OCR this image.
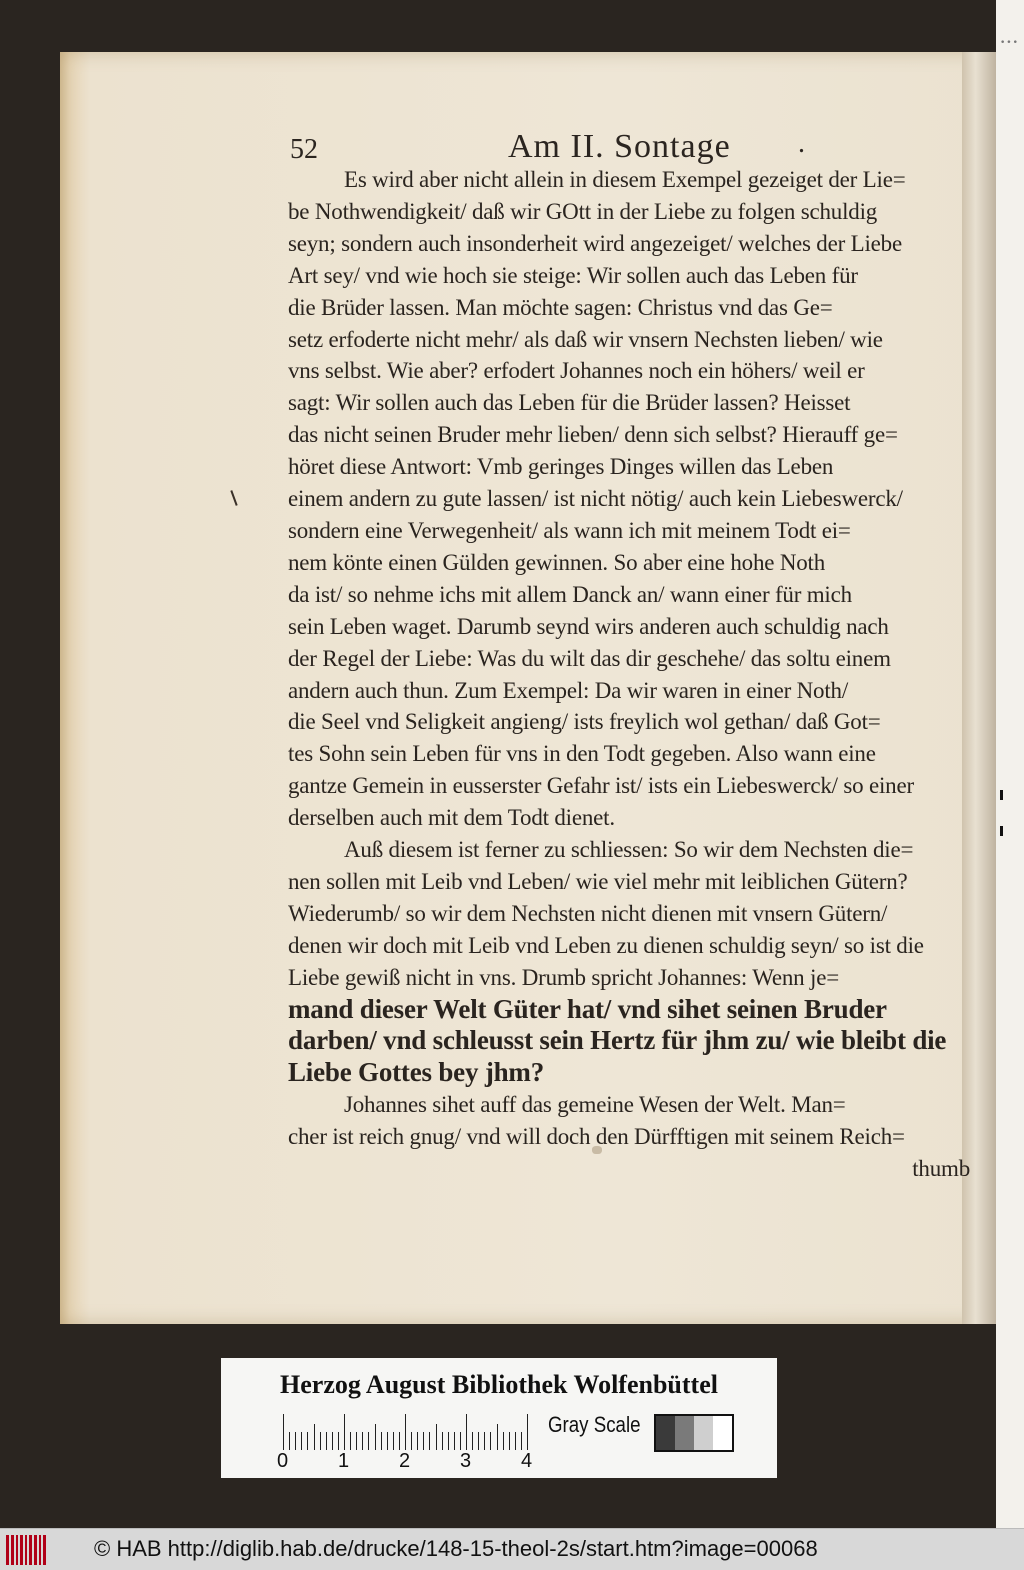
•••
52	Am II. Sontage .
Es wird aber nicht allein in diesem Exempel gezeiget der Lie=
be Nothwendigkeit/ daß wir GOtt in der Liebe zu folgen schuldig
seyn; sondern auch insonderheit wird angezeiget/ welches der Liebe
Art sey/ vnd wie hoch sie steige: Wir sollen auch das Leben für
die Brüder lassen. Man möchte sagen: Christus vnd das Ge=
setz erfoderte nicht mehr/ als daß wir vnsern Nechsten lieben/ wie
vns selbst. Wie aber? erfodert Johannes noch ein höhers/ weil er
sagt: Wir sollen auch das Leben für die Brüder lassen? Heisset
das nicht seinen Bruder mehr lieben/ denn sich selbst? Hierauff ge=
höret diese Antwort: Vmb geringes Dinges willen das Leben
einem andern zu gute lassen/ ist nicht nötig/ auch kein Liebeswerck/
sondern eine Verwegenheit/ als wann ich mit meinem Todt ei=
nem könte einen Gülden gewinnen. So aber eine hohe Noth
da ist/ so nehme ichs mit allem Danck an/ wann einer für mich
sein Leben waget. Darumb seynd wirs anderen auch schuldig nach
der Regel der Liebe: Was du wilt das dir geschehe/ das soltu einem
andern auch thun. Zum Exempel: Da wir waren in einer Noth/
die Seel vnd Seligkeit angieng/ ists freylich wol gethan/ daß Got=
tes Sohn sein Leben für vns in den Todt gegeben. Also wann eine
gantze Gemein in eusserster Gefahr ist/ ists ein Liebeswerck/ so einer
derselben auch mit dem Todt dienet.
Auß diesem ist ferner zu schliessen: So wir dem Nechsten die=
nen sollen mit Leib vnd Leben/ wie viel mehr mit leiblichen Gütern?
Wiederumb/ so wir dem Nechsten nicht dienen mit vnsern Gütern/
denen wir doch mit Leib vnd Leben zu dienen schuldig seyn/ so ist die
Liebe gewiß nicht in vns. Drumb spricht Johannes: Wenn je=
mand dieser Welt Güter hat/ vnd sihet seinen Bruder
darben/ vnd schleusst sein Hertz für jhm zu/ wie bleibt die
Liebe Gottes bey jhm?
Johannes sihet auff das gemeine Wesen der Welt. Man=
cher ist reich gnug/ vnd will doch den Dürfftigen mit seinem Reich=
thumb
Herzog August Bibliothek Wolfenbüttel
0 1 2 3 4
Gray Scale
© HAB http://diglib.hab.de/drucke/148-15-theol-2s/start.htm?image=00068
